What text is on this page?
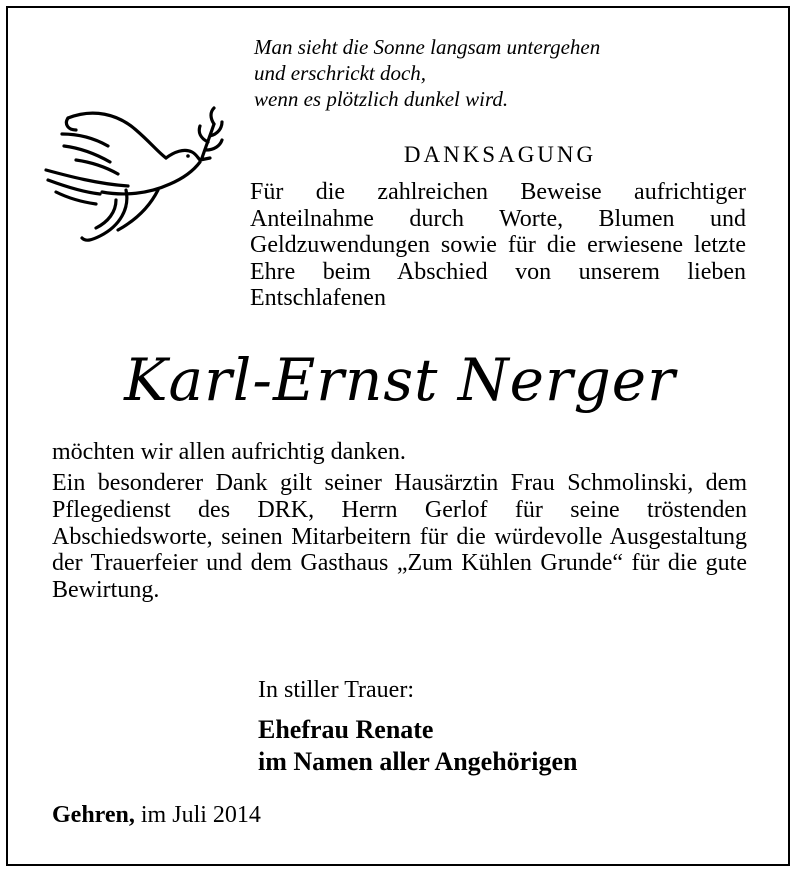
Man sieht die Sonne langsam untergehen
und erschrickt doch,
wenn es plötzlich dunkel wird.
DANKSAGUNG
Für die zahlreichen Beweise aufrichtiger Anteilnahme durch Worte, Blumen und Geldzuwendungen sowie für die erwiesene letzte Ehre beim Abschied von unserem lieben Entschlafenen
Karl-Ernst Nerger
möchten wir allen aufrichtig danken.
Ein besonderer Dank gilt seiner Hausärztin Frau Schmolinski, dem Pflegedienst des DRK, Herrn Gerlof für seine tröstenden Abschiedsworte, seinen Mitarbeitern für die würdevolle Ausgestaltung der Trauerfeier und dem Gasthaus „Zum Kühlen Grunde“ für die gute Bewirtung.
In stiller Trauer:
Ehefrau Renate
im Namen aller Angehörigen
Gehren, im Juli 2014
